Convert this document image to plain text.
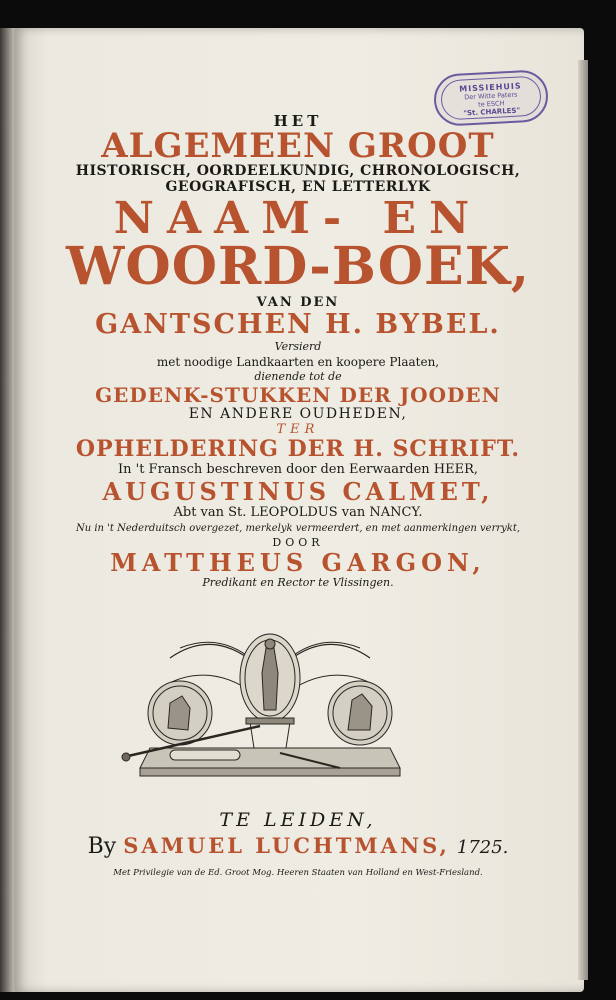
MISSIEHUIS
Der Witte Paters
te ESCH
"St. CHARLES"
HET
ALGEMEEN GROOT
HISTORISCH, OORDEELKUNDIG, CHRONOLOGISCH,
GEOGRAFISCH, EN LETTERLYK
NAAM- EN
WOORD-BOEK,
VAN DEN
GANTSCHEN H. BYBEL.
Versierd
met noodige Landkaarten en koopere Plaaten,
dienende tot de
GEDENK-STUKKEN DER JOODEN
EN ANDERE OUDHEDEN,
TER
OPHELDERING DER H. SCHRIFT.
In 't Fransch beschreven door den Eerwaarden HEER,
AUGUSTINUS CALMET,
Abt van St. LEOPOLDUS van NANCY.
Nu in 't Nederduitsch overgezet, merkelyk vermeerdert, en met aanmerkingen verrykt,
DOOR
MATTHEUS GARGON,
Predikant en Rector te Vlissingen.
TE LEIDEN,
By SAMUEL LUCHTMANS, 1725.
Met Privilegie van de Ed. Groot Mog. Heeren Staaten van Holland en West-Friesland.
